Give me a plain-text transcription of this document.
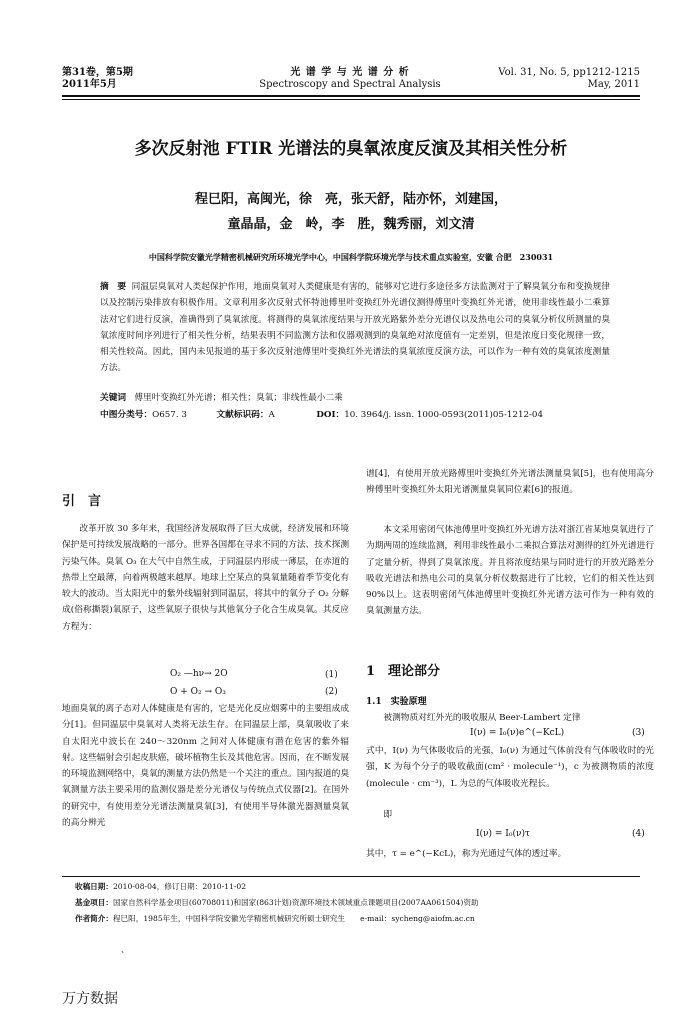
第31卷，第5期
2011年5月
光 谱 学 与 光 谱 分 析
Spectroscopy and Spectral Analysis
Vol. 31, No. 5, pp1212-1215
May, 2011
多次反射池 FTIR 光谱法的臭氧浓度反演及其相关性分析
程巳阳，高闽光，徐　亮，张天舒，陆亦怀，刘建国，
童晶晶，金　岭，李　胜，魏秀丽，刘文清
中国科学院安徽光学精密机械研究所环境光学中心，中国科学院环境光学与技术重点实验室，安徽 合肥　230031
摘　要 同温层臭氧对人类起保护作用，地面臭氧对人类健康是有害的，能够对它进行多途径多方法监测对于了解臭氧分布和变换规律以及控制污染排放有积极作用。文章利用多次反射式怀特池傅里叶变换红外光谱仪测得傅里叶变换红外光谱，使用非线性最小二乘算法对它们进行反演，准确得到了臭氧浓度。将测得的臭氧浓度结果与开放光路紫外差分光谱仪以及热电公司的臭氧分析仪所测量的臭氧浓度时间序列进行了相关性分析，结果表明不同监测方法和仪器观测到的臭氧绝对浓度值有一定差别，但是浓度日变化规律一致，相关性较高。因此，国内未见报道的基于多次反射池傅里叶变换红外光谱法的臭氧浓度反演方法，可以作为一种有效的臭氧浓度测量方法。
关键词 傅里叶变换红外光谱；相关性；臭氧；非线性最小二乘
中图分类号：O657. 3	文献标识码：A	DOI：10. 3964/j. issn. 1000-0593(2011)05-1212-04
引　言
改革开放 30 多年来，我国经济发展取得了巨大成就，经济发展和环境保护是可持续发展战略的一部分。世界各国都在寻求不同的方法、技术探测污染气体。臭氧 O₃ 在大气中自然生成，于同温层内形成一薄层，在赤道的热带上空最薄，向着两极越来越厚。地球上空某点的臭氧量随着季节变化有较大的波动。当太阳光中的紫外线辐射到同温层，将其中的氧分子 O₂ 分解成(俗称撕裂)氧原子，这些氧原子很快与其他氧分子化合生成臭氧。其反应方程为：
O₂ —hν→ 2O	(1)
O + O₂ → O₃	(2)
地面臭氧的离子态对人体健康是有害的，它是光化反应烟雾中的主要组成成分[1]。但同温层中臭氧对人类将无法生存。在同温层上部，臭氧吸收了来自太阳光中波长在 240～320nm 之间对人体健康有潜在危害的紫外辐射。这些辐射会引起皮肤癌，破坏植物生长及其他危害。因而，在不断发展的环境监测网络中，臭氧的测量方法仍然是一个关注的重点。国内报道的臭氧测量方法主要采用的监测仪器是差分光谱仪与传统点式仪器[2]。在国外的研究中，有使用差分光谱法测量臭氧[3]，有使用半导体激光器测量臭氧的高分辨光
谱[4]，有使用开放光路傅里叶变换红外光谱法测量臭氧[5]，也有使用高分辨傅里叶变换红外太阳光谱测量臭氧同位素[6]的报道。
本文采用密闭气体池傅里叶变换红外光谱方法对浙江省某地臭氧进行了为期两周的连续监测，利用非线性最小二乘拟合算法对测得的红外光谱进行了定量分析，得到了臭氧浓度。并且将浓度结果与同时进行的开放光路差分吸收光谱法和热电公司的臭氧分析仪数据进行了比较，它们的相关性达到 90%以上。这表明密闭气体池傅里叶变换红外光谱方法可作为一种有效的臭氧测量方法。
1　理论部分
1.1　实验原理
被测物质对红外光的吸收服从 Beer-Lambert 定律
I(ν) = I₀(ν)e^(−KcL)	(3)
式中，I(ν) 为气体吸收后的光强，I₀(ν) 为通过气体前没有气体吸收时的光强，K 为每个分子的吸收截面(cm² · molecule⁻¹)，c 为被测物质的浓度(molecule · cm⁻³)，L 为总的气体吸收光程长。
即
I(ν) = I₀(ν)τ	(4)
其中，τ = e^(−KcL)，称为光通过气体的透过率。
收稿日期：2010-08-04，修订日期：2010-11-02
基金项目：国家自然科学基金项目(60708011)和国家(863计划)资源环境技术领域重点课题项目(2007AA061504)资助
作者简介：程巳阳，1985年生，中国科学院安徽光学精密机械研究所硕士研究生　　e-mail：sycheng@aiofm.ac.cn
、
万方数据
